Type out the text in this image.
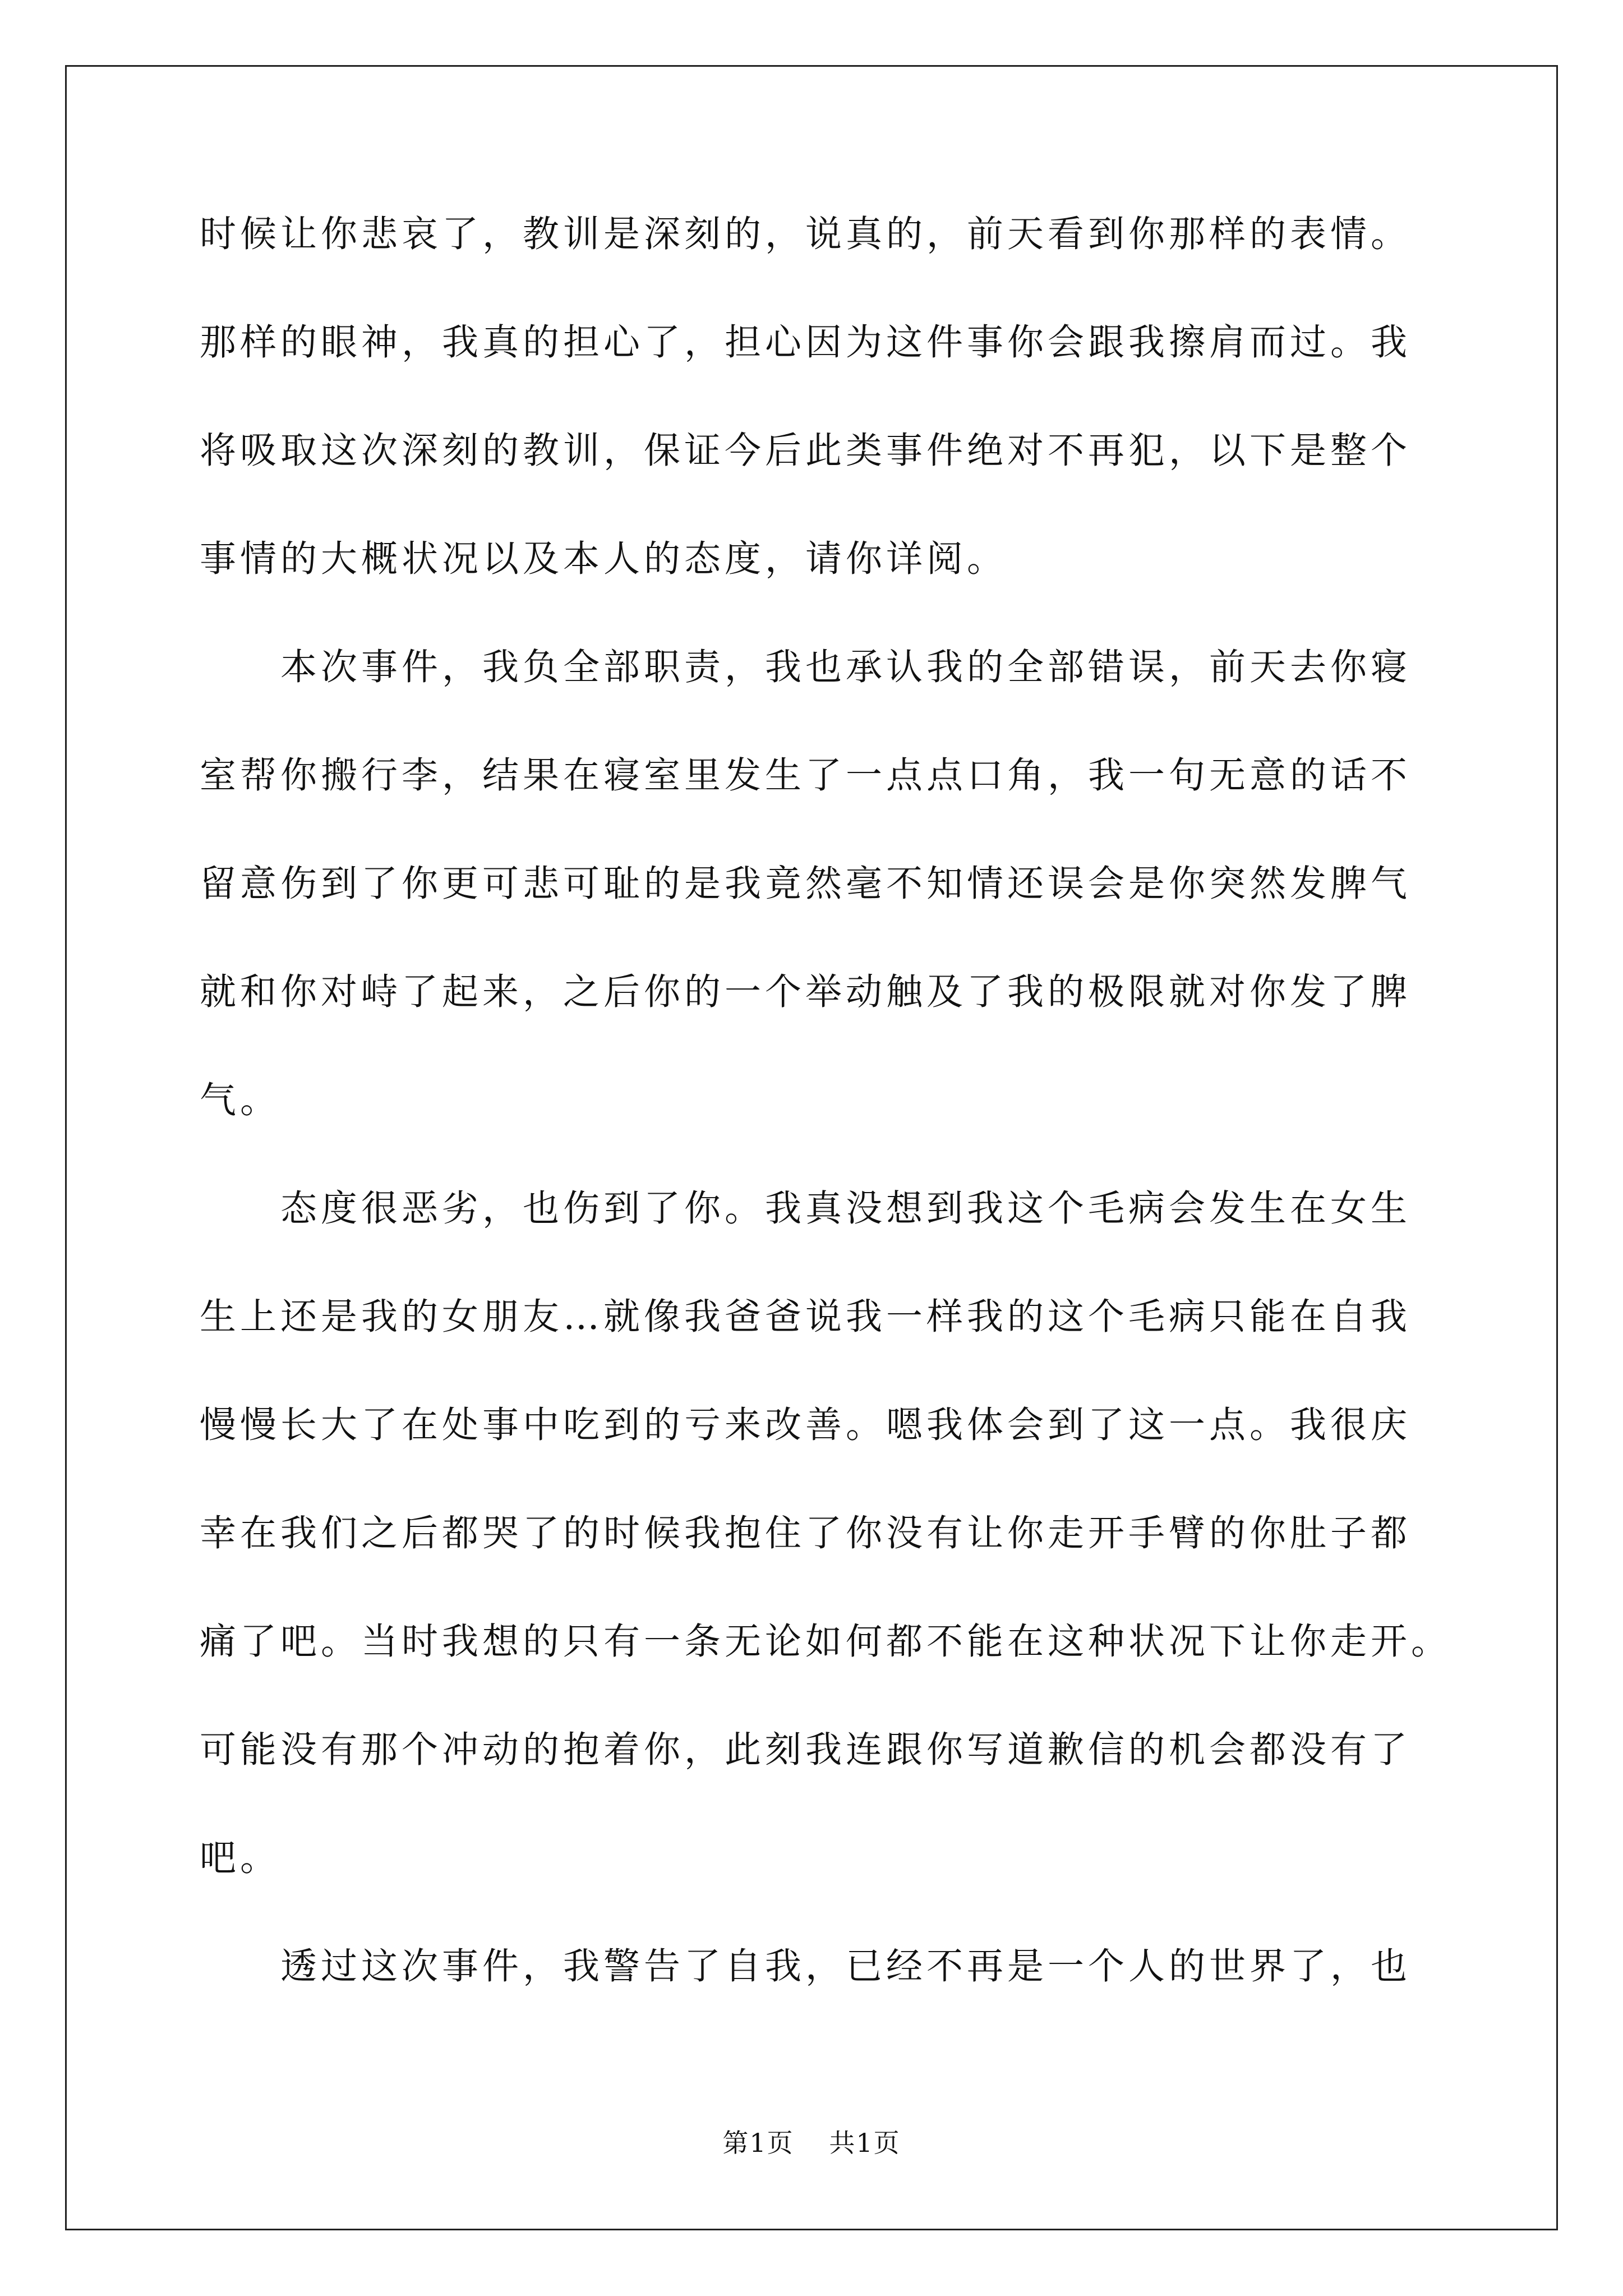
时候让你悲哀了，教训是深刻的，说真的，前天看到你那样的表情。
那样的眼神，我真的担心了，担心因为这件事你会跟我擦肩而过。我
将吸取这次深刻的教训，保证今后此类事件绝对不再犯，以下是整个
事情的大概状况以及本人的态度，请你详阅。
　　本次事件，我负全部职责，我也承认我的全部错误，前天去你寝
室帮你搬行李，结果在寝室里发生了一点点口角，我一句无意的话不
留意伤到了你更可悲可耻的是我竟然毫不知情还误会是你突然发脾气
就和你对峙了起来，之后你的一个举动触及了我的极限就对你发了脾
气。
　　态度很恶劣，也伤到了你。我真没想到我这个毛病会发生在女生
生上还是我的女朋友…就像我爸爸说我一样我的这个毛病只能在自我
慢慢长大了在处事中吃到的亏来改善。嗯我体会到了这一点。我很庆
幸在我们之后都哭了的时候我抱住了你没有让你走开手臂的你肚子都
痛了吧。当时我想的只有一条无论如何都不能在这种状况下让你走开。
可能没有那个冲动的抱着你，此刻我连跟你写道歉信的机会都没有了
吧。
　　透过这次事件，我警告了自我，已经不再是一个人的世界了，也
第1页 共1页
